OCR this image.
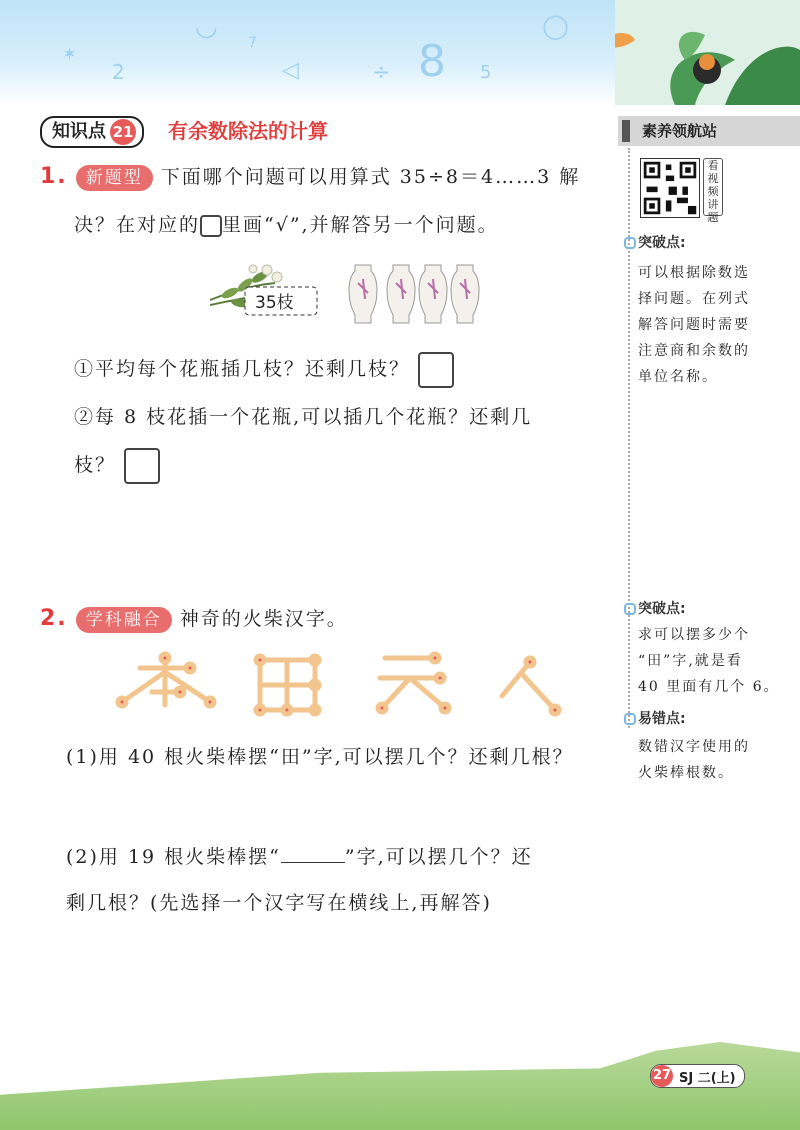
✶
2
◡
7
◁	÷ 8 5
◯
知识点 21 有余数除法的计算	素养领航站
看视频讲题
1. 新题型 下面哪个问题可以用算式 35÷8＝4……3 解
决？在对应的 里画“√”,并解答另一个问题。
35枝
①平均每个花瓶插几枝？还剩几枝？
②每 8 枝花插一个花瓶,可以插几个花瓶？还剩几
枝？
2. 学科融合 神奇的火柴汉字。
(1)用 40 根火柴棒摆“田”字,可以摆几个？还剩几根？
(2)用 19 根火柴棒摆“	”字,可以摆几个？还
剩几根？(先选择一个汉字写在横线上,再解答)
突破点:
可以根据除数选
择问题。在列式
解答问题时需要
注意商和余数的
单位名称。
突破点:
求可以摆多少个
“田”字,就是看
40 里面有几个 6。
易错点:
数错汉字使用的
火柴棒根数。
27 SJ 二(上)
